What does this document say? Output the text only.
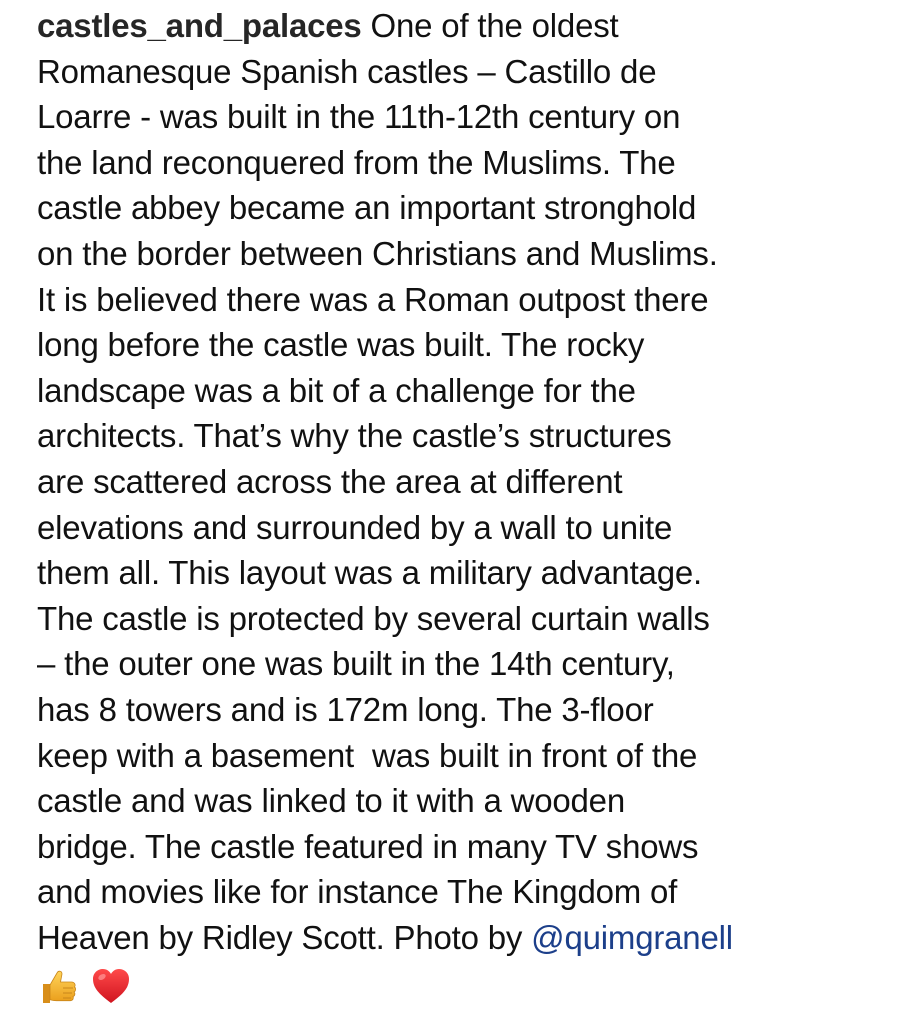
castles_and_palaces One of the oldest
Romanesque Spanish castles – Castillo de
Loarre - was built in the 11th-12th century on
the land reconquered from the Muslims. The
castle abbey became an important stronghold
on the border between Christians and Muslims.
It is believed there was a Roman outpost there
long before the castle was built. The rocky
landscape was a bit of a challenge for the
architects. That’s why the castle’s structures
are scattered across the area at different
elevations and surrounded by a wall to unite
them all. This layout was a military advantage.
The castle is protected by several curtain walls
– the outer one was built in the 14th century,
has 8 towers and is 172m long. The 3-floor
keep with a basement  was built in front of the
castle and was linked to it with a wooden
bridge. The castle featured in many TV shows
and movies like for instance The Kingdom of
Heaven by Ridley Scott. Photo by @quimgranell
